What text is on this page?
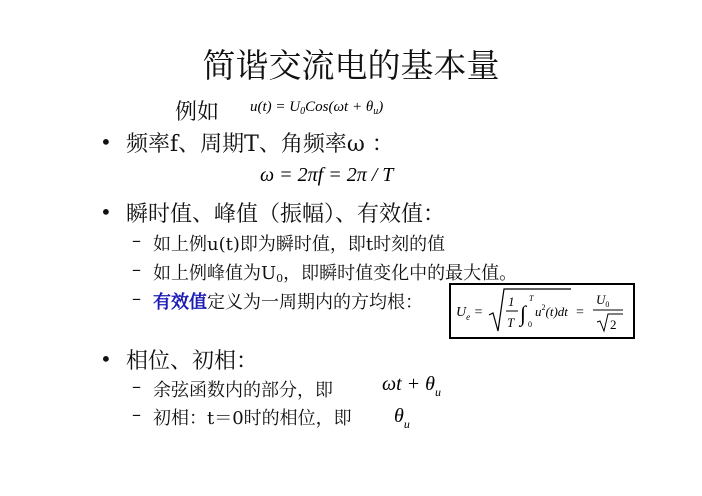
简谐交流电的基本量
例如 $u(t) = U_0Cos(\omega t + \theta_u)$
• 频率f、周期T、角频率ω ：
ω = 2πf = 2π / T
• 瞬时值、峰值（振幅）、有效值：
– 如上例u(t)即为瞬时值，即t时刻的值
– 如上例峰值为$U_0$，即瞬时值变化中的最大值。
– 有效值定义为一周期内的方均根： $U_e$ =
1
T ∫
T
0
$u^2(t)dt$ =
$U_0$
2
• 相位、初相：
– 余弦函数内的部分，即 $\omega t + \theta_u$
– 初相：t＝0时的相位，即 $\theta_u$
